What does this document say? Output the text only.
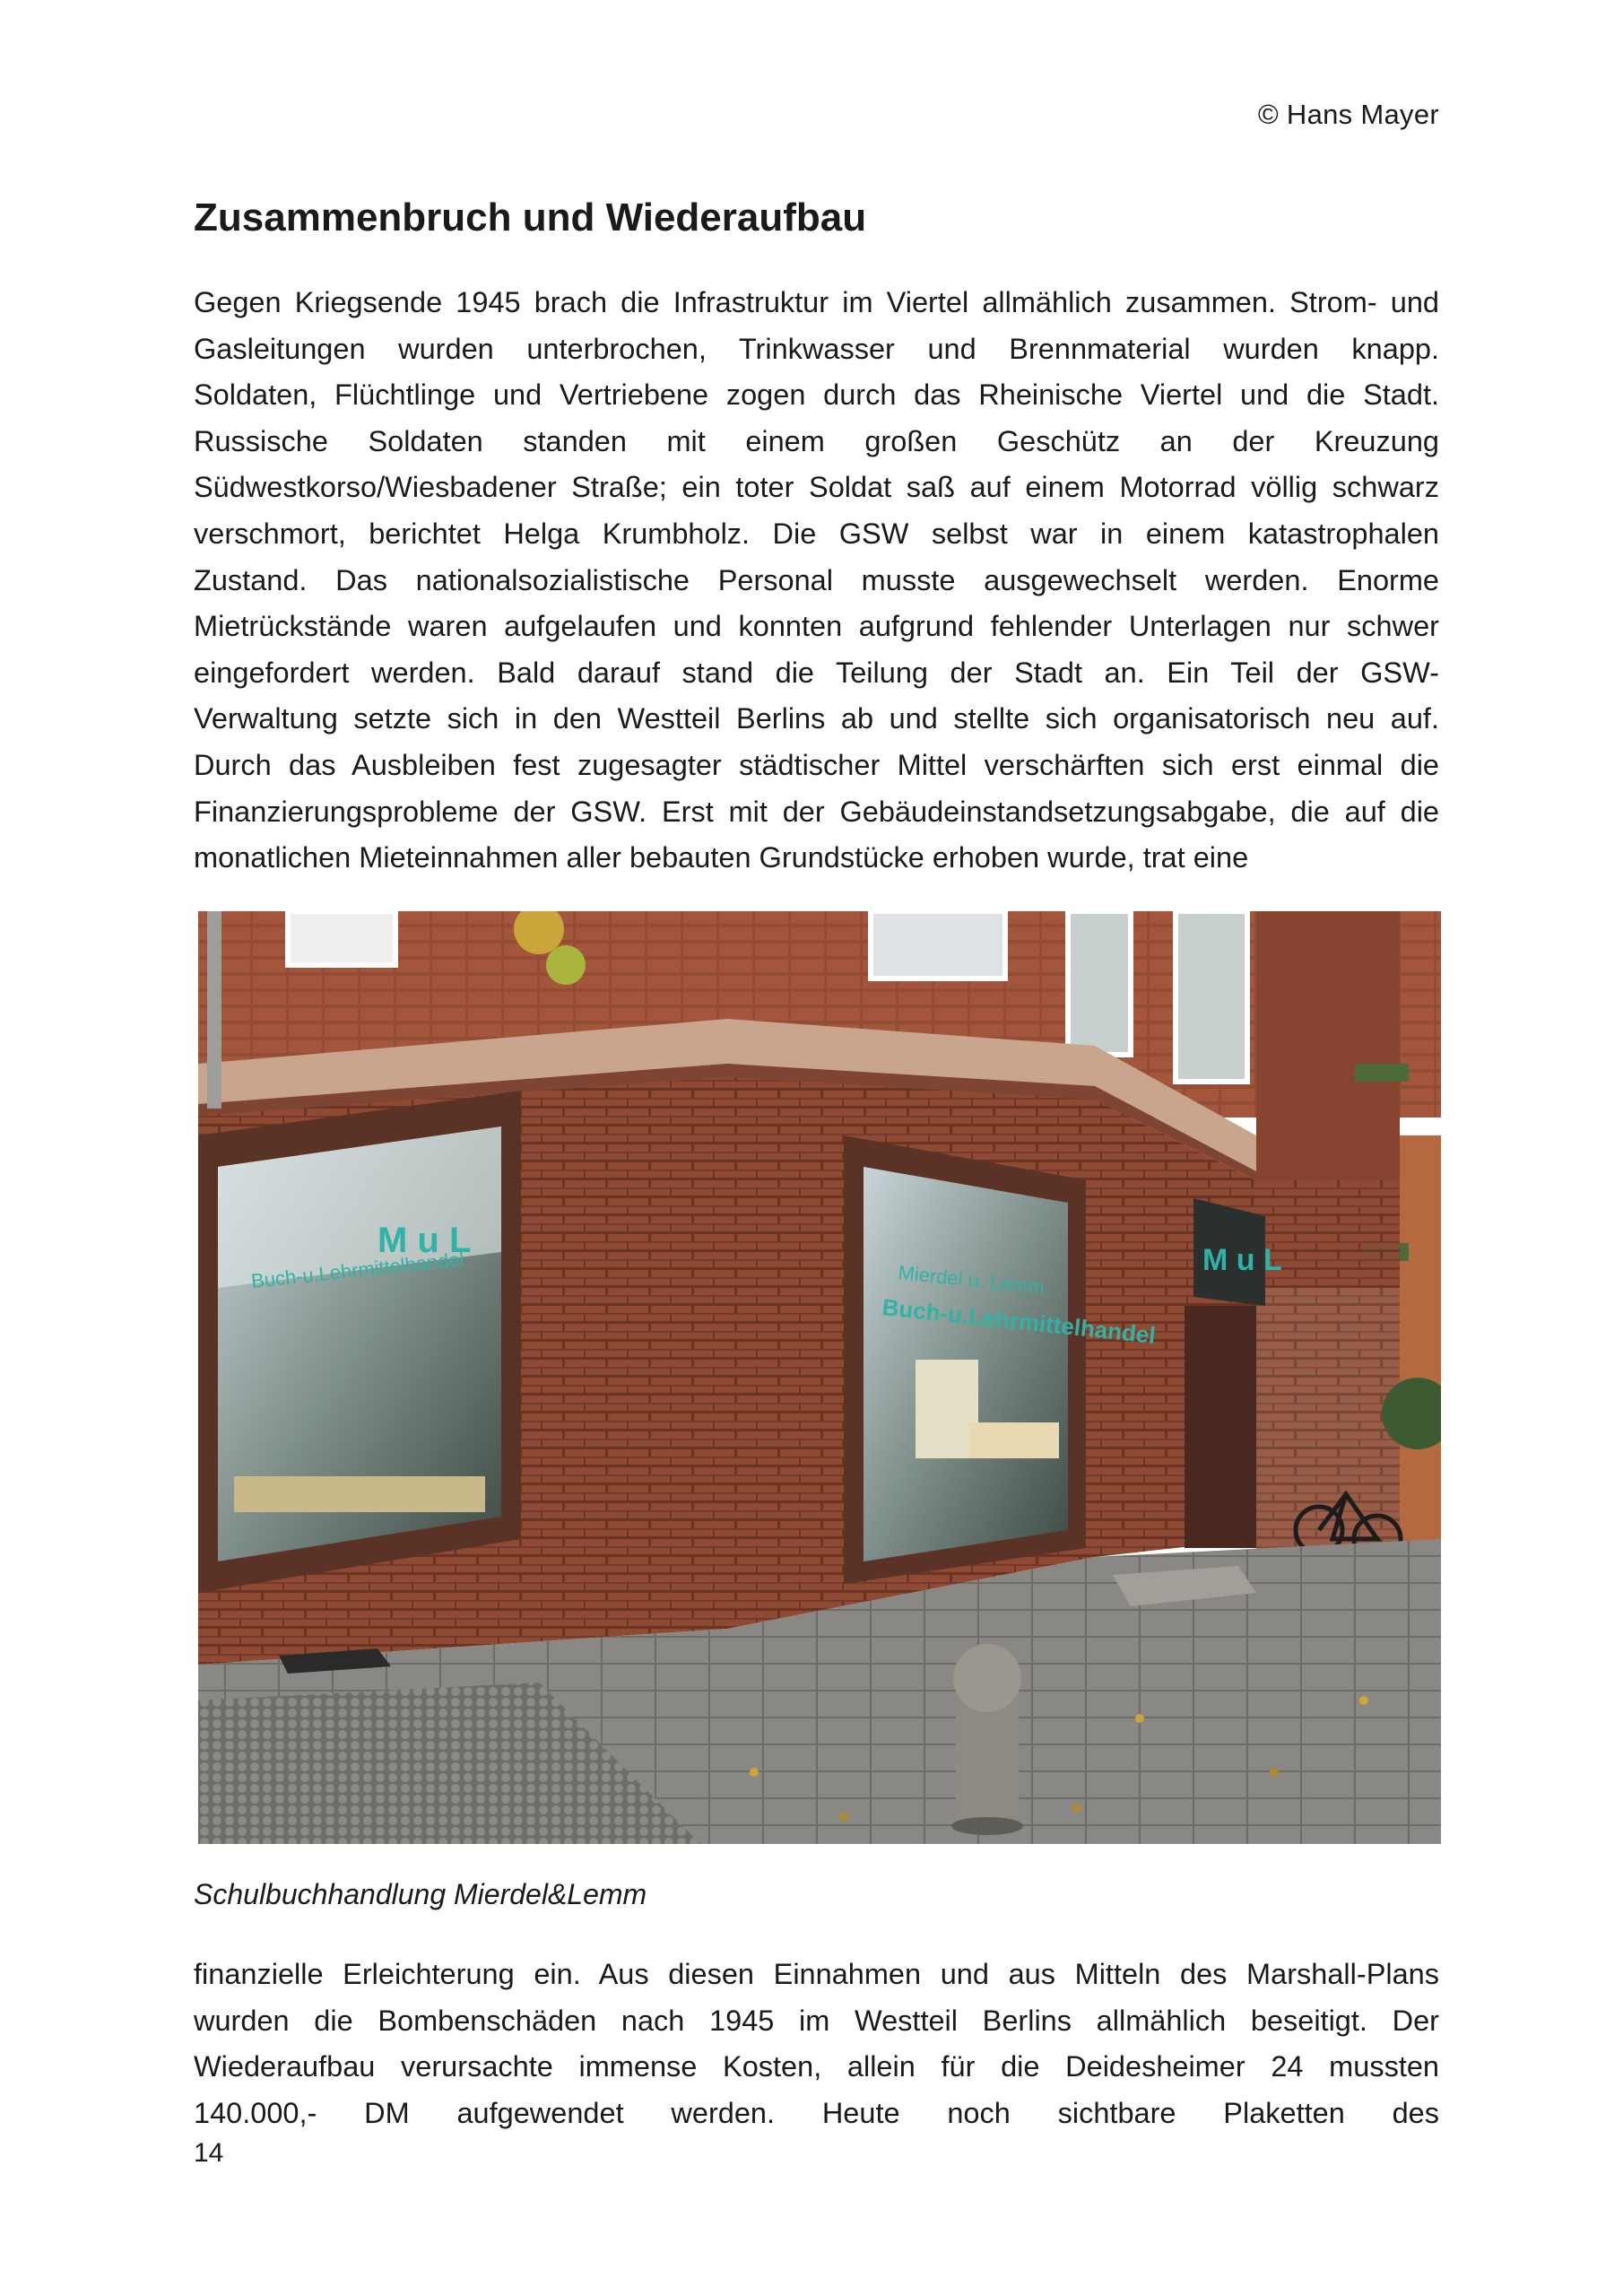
© Hans Mayer
Zusammenbruch und Wiederaufbau
Gegen Kriegsende 1945 brach die Infrastruktur im Viertel allmählich zusammen. Strom- und
Gasleitungen wurden unterbrochen, Trinkwasser und Brennmaterial wurden knapp.
Soldaten, Flüchtlinge und Vertriebene zogen durch das Rheinische Viertel und die Stadt.
Russische Soldaten standen mit einem großen Geschütz an der Kreuzung
Südwestkorso/Wiesbadener Straße; ein toter Soldat saß auf einem Motorrad völlig schwarz
verschmort, berichtet Helga Krumbholz. Die GSW selbst war in einem katastrophalen
Zustand. Das nationalsozialistische Personal musste ausgewechselt werden. Enorme
Mietrückstände waren aufgelaufen und konnten aufgrund fehlender Unterlagen nur schwer
eingefordert werden. Bald darauf stand die Teilung der Stadt an. Ein Teil der GSW-
Verwaltung setzte sich in den Westteil Berlins ab und stellte sich organisatorisch neu auf.
Durch das Ausbleiben fest zugesagter städtischer Mittel verschärften sich erst einmal die
Finanzierungsprobleme der GSW. Erst mit der Gebäudeinstandsetzungsabgabe, die auf die
monatlichen Mieteinnahmen aller bebauten Grundstücke erhoben wurde, trat eine
M u L
Buch-u.Lehrmittelhandel	Mierdel u. Lemm
Buch-u.Lehrmittelhandel
M u L

Schulbuchhandlung Mierdel&Lemm

finanzielle Erleichterung ein. Aus diesen Einnahmen und aus Mitteln des Marshall-Plans
wurden die Bombenschäden nach 1945 im Westteil Berlins allmählich beseitigt. Der
Wiederaufbau verursachte immense Kosten, allein für die Deidesheimer 24 mussten
140.000,- DM aufgewendet werden. Heute noch sichtbare Plaketten des
14
